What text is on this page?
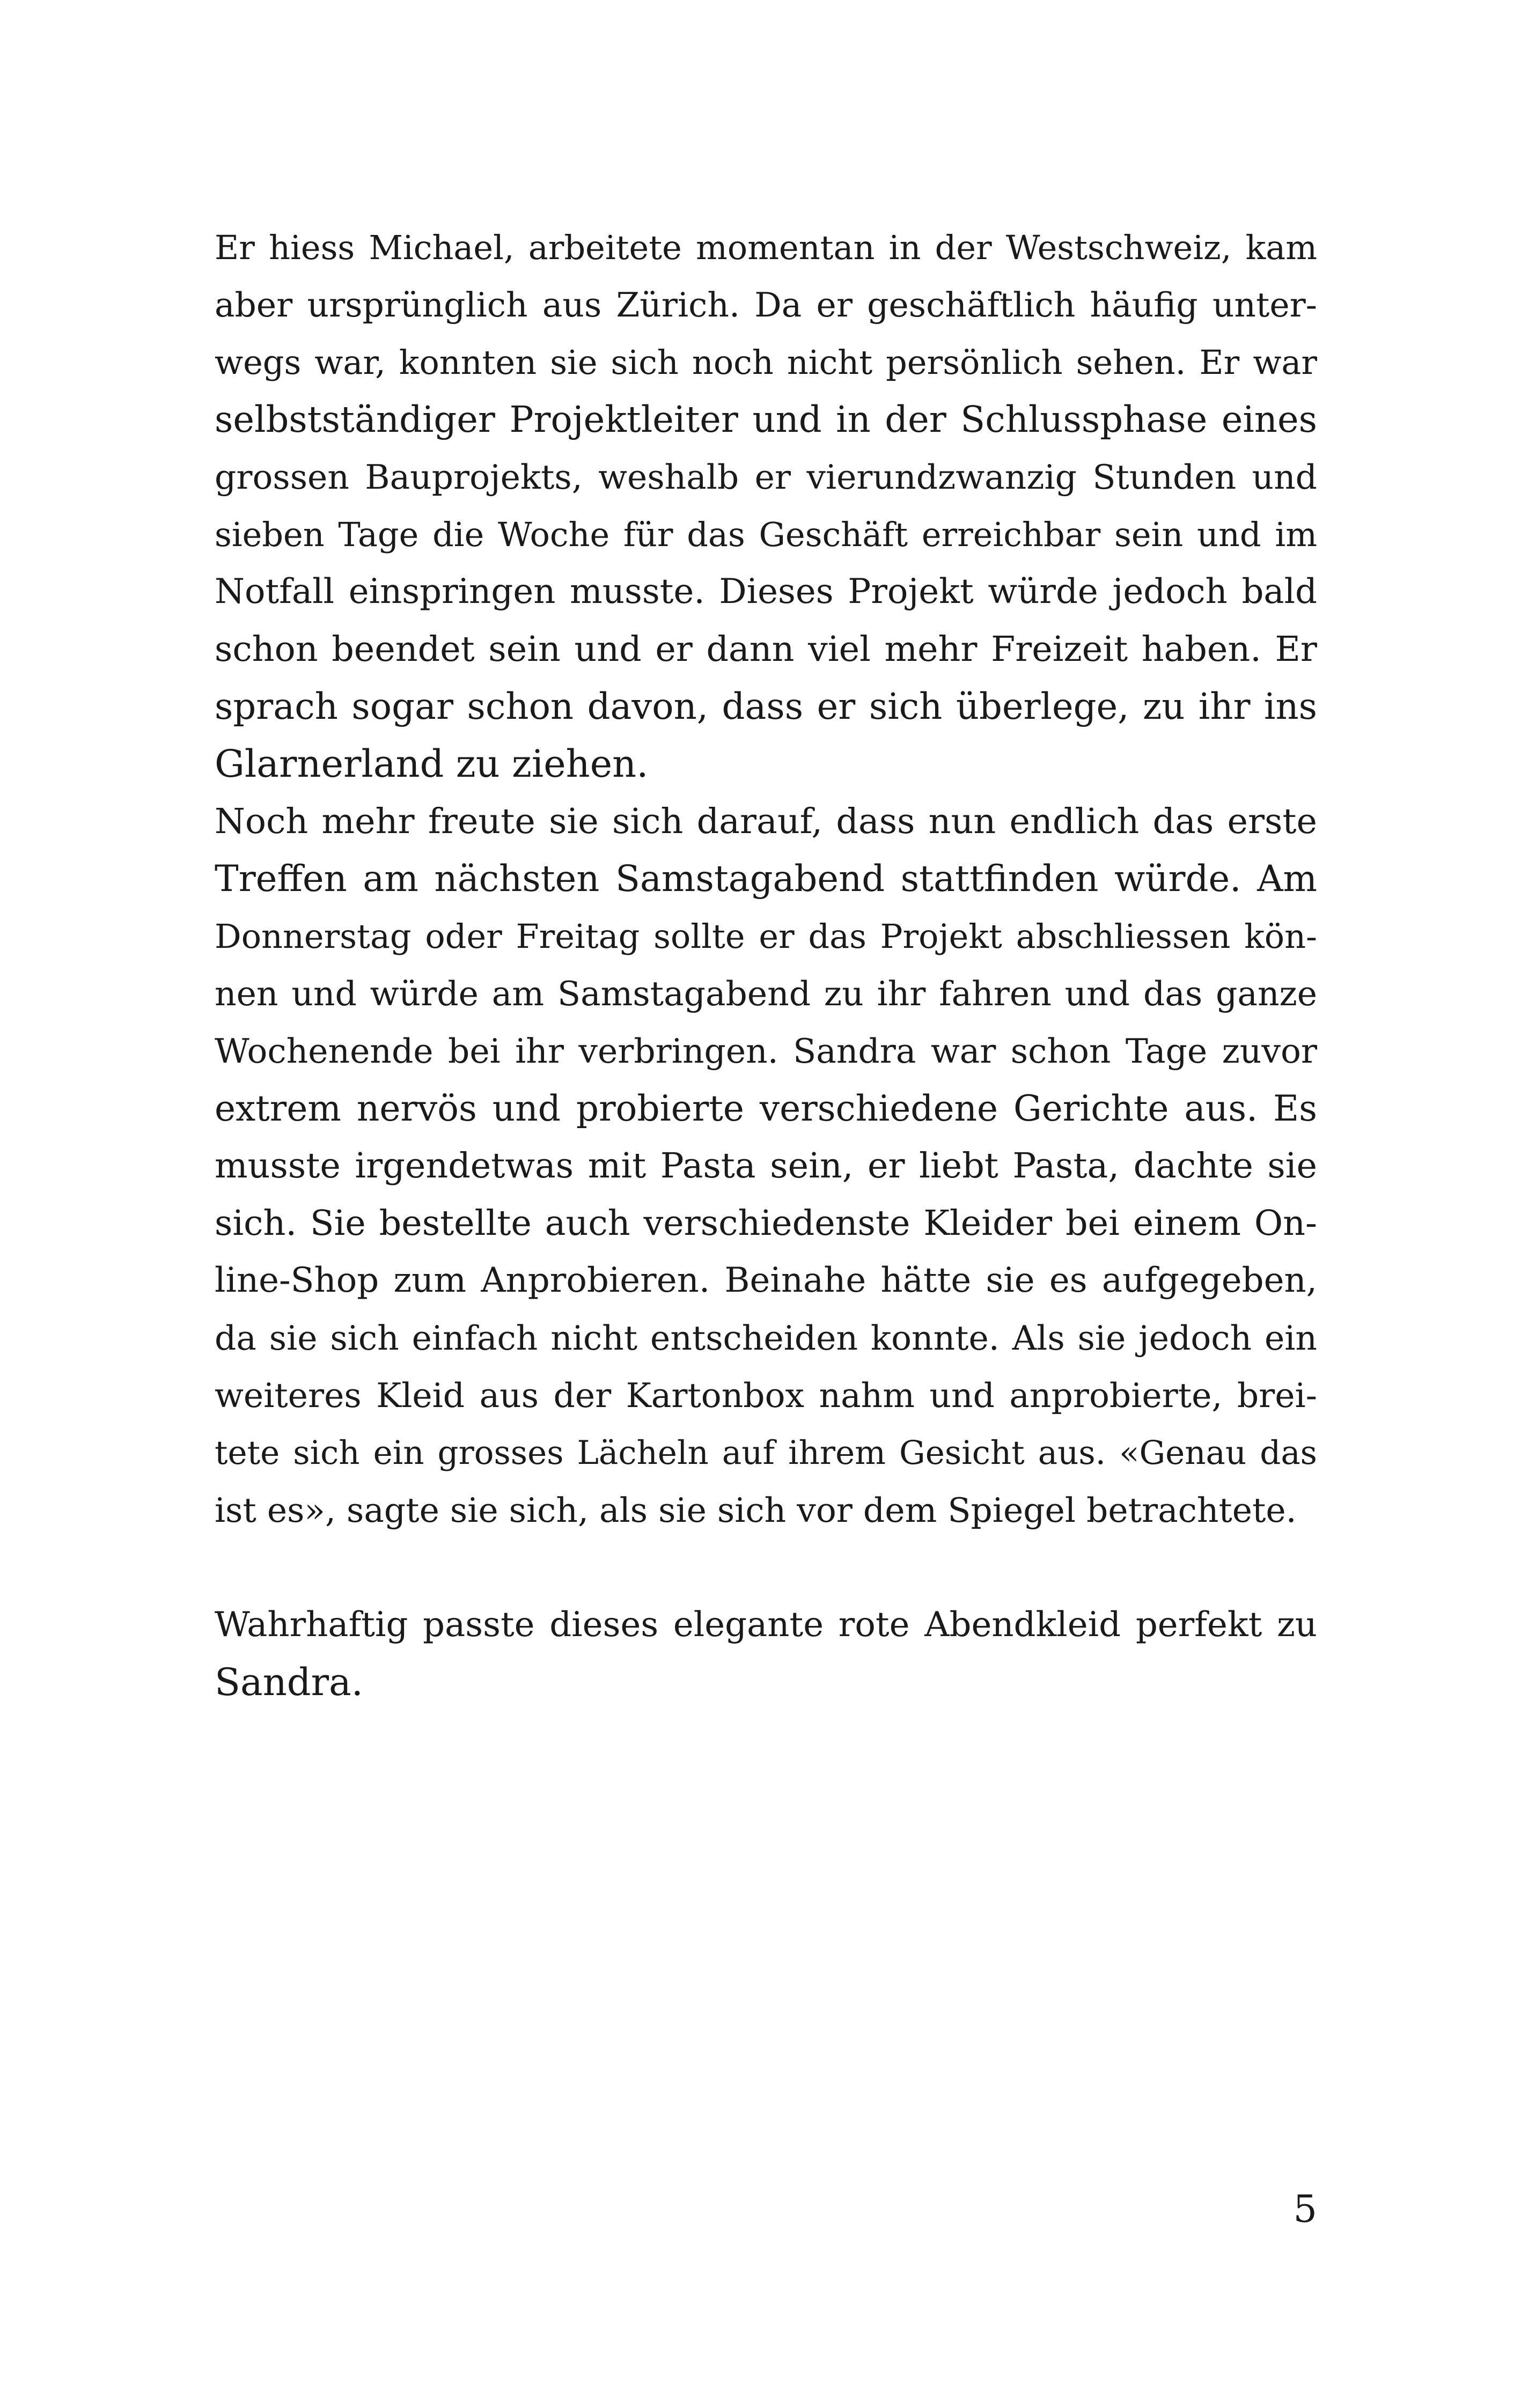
Er hiess Michael, arbeitete momentan in der Westschweiz, kam
aber ursprünglich aus Zürich. Da er geschäftlich häufig unter-
wegs war, konnten sie sich noch nicht persönlich sehen. Er war
selbstständiger Projektleiter und in der Schlussphase eines
grossen Bauprojekts, weshalb er vierundzwanzig Stunden und
sieben Tage die Woche für das Geschäft erreichbar sein und im
Notfall einspringen musste. Dieses Projekt würde jedoch bald
schon beendet sein und er dann viel mehr Freizeit haben. Er
sprach sogar schon davon, dass er sich überlege, zu ihr ins
Glarnerland zu ziehen.
Noch mehr freute sie sich darauf, dass nun endlich das erste
Treffen am nächsten Samstagabend stattfinden würde. Am
Donnerstag oder Freitag sollte er das Projekt abschliessen kön-
nen und würde am Samstagabend zu ihr fahren und das ganze
Wochenende bei ihr verbringen. Sandra war schon Tage zuvor
extrem nervös und probierte verschiedene Gerichte aus. Es
musste irgendetwas mit Pasta sein, er liebt Pasta, dachte sie
sich. Sie bestellte auch verschiedenste Kleider bei einem On-
line-Shop zum Anprobieren. Beinahe hätte sie es aufgegeben,
da sie sich einfach nicht entscheiden konnte. Als sie jedoch ein
weiteres Kleid aus der Kartonbox nahm und anprobierte, brei-
tete sich ein grosses Lächeln auf ihrem Gesicht aus. «Genau das
ist es», sagte sie sich, als sie sich vor dem Spiegel betrachtete.
Wahrhaftig passte dieses elegante rote Abendkleid perfekt zu
Sandra.
5
